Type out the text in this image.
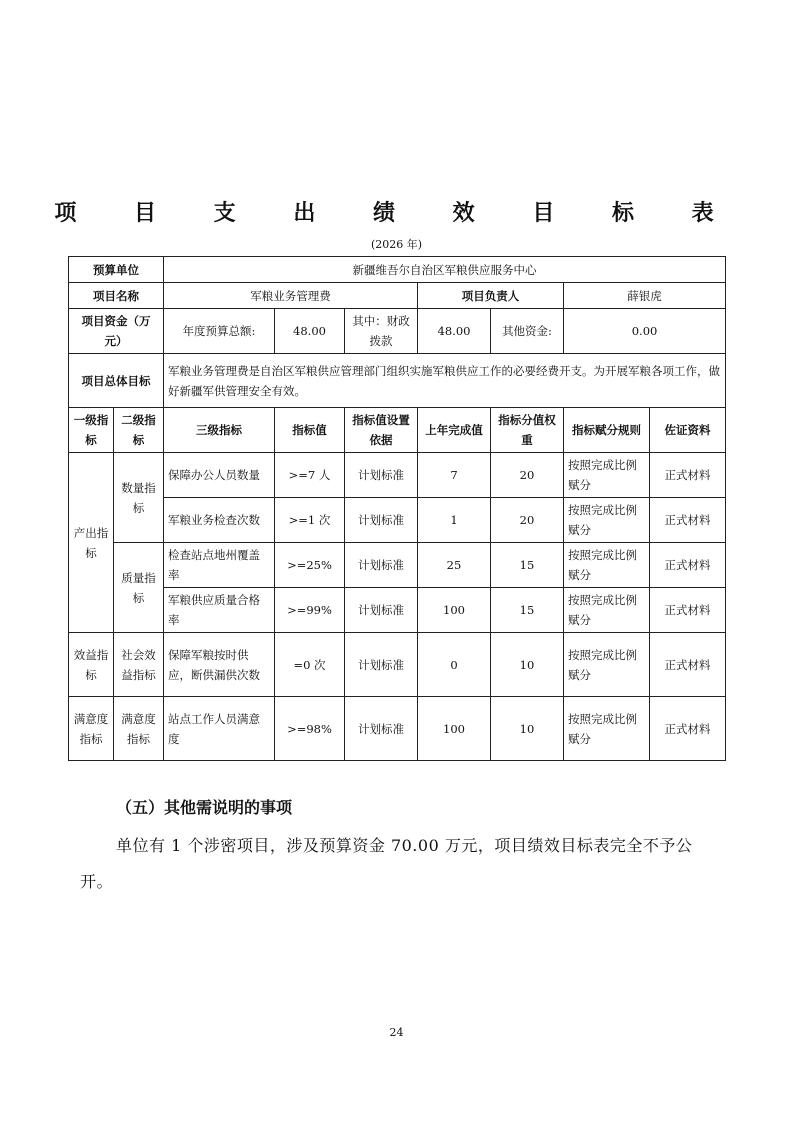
项 目 支 出 绩 效 目 标 表
(2026 年)
预算单位		新疆维吾尔自治区军粮供应服务中心						
项目名称		军粮业务管理费			项目负责人		薛银虎	
项目资金（万元）		年度预算总额:	48.00	其中：财政拨款	48.00	其他资金:	0.00	
项目总体目标		军粮业务管理费是自治区军粮供应管理部门组织实施军粮供应工作的必要经费开支。为开展军粮各项工作，做好新疆军供管理安全有效。						
一级指标	二级指标	三级指标	指标值	指标值设置依据	上年完成值	指标分值权重	指标赋分规则	佐证资料
产出指标	数量指标	保障办公人员数量	>=7 人	计划标准	7	20	按照完成比例赋分	正式材料
		军粮业务检查次数	>=1 次	计划标准	1	20	按照完成比例赋分	正式材料
	质量指标	检查站点地州覆盖率	>=25%	计划标准	25	15	按照完成比例赋分	正式材料
		军粮供应质量合格率	>=99%	计划标准	100	15	按照完成比例赋分	正式材料
效益指标	社会效益指标	保障军粮按时供应，断供漏供次数	=0 次	计划标准	0	10	按照完成比例赋分	正式材料
满意度指标	满意度指标	站点工作人员满意度	>=98%	计划标准	100	10	按照完成比例赋分	正式材料
（五）其他需说明的事项
单位有 1 个涉密项目，涉及预算资金 70.00 万元，项目绩效目标表完全不予公开。
24
